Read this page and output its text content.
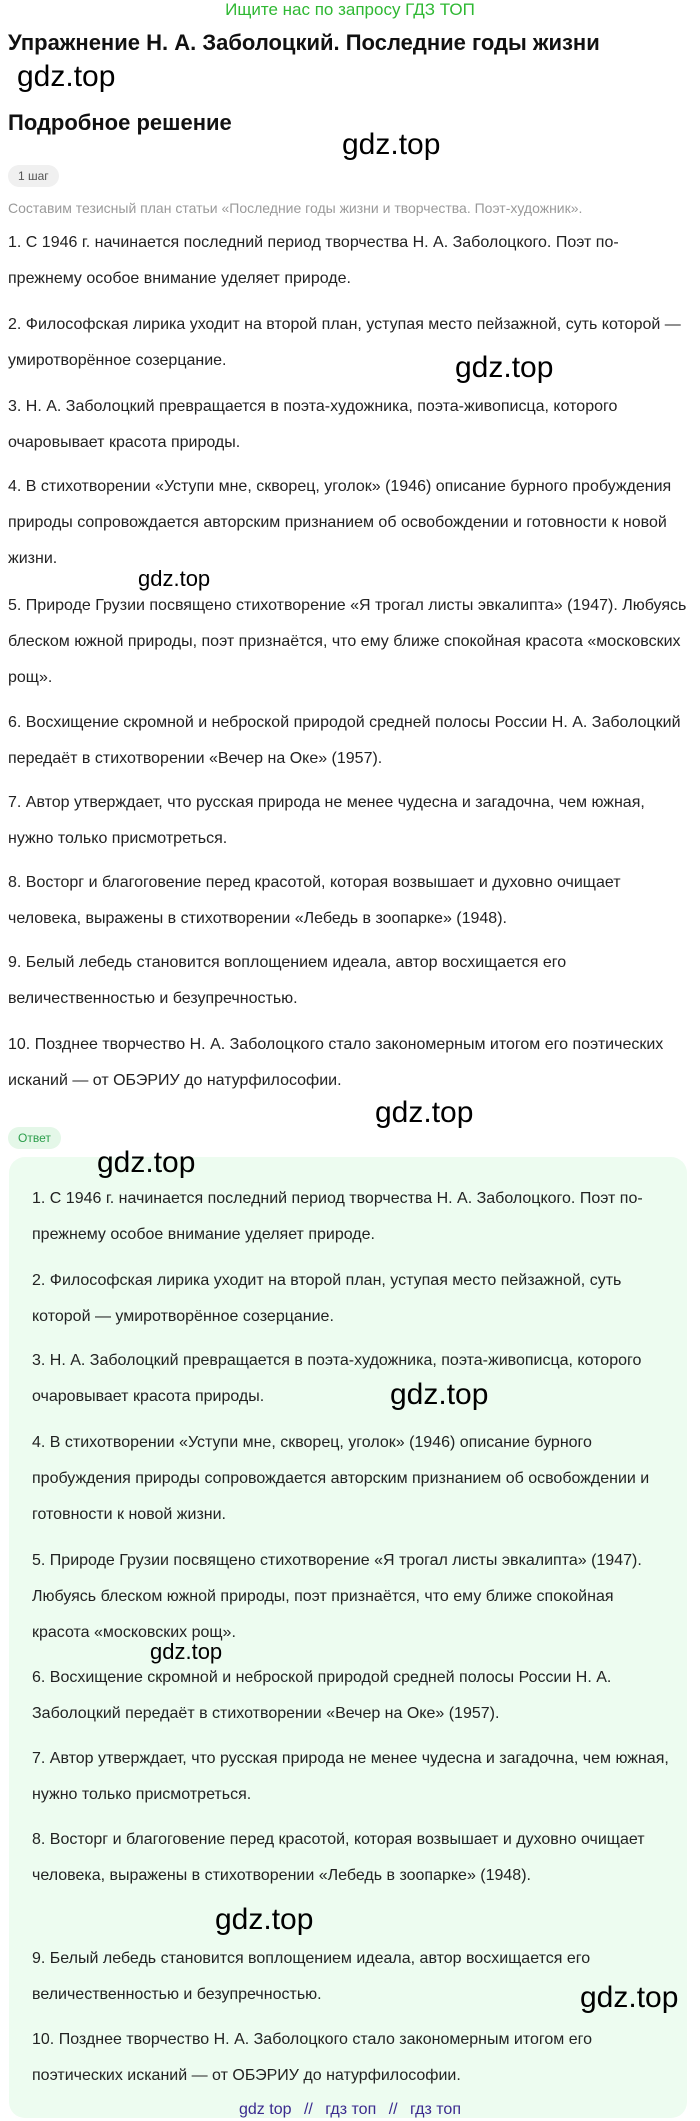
Ищите нас по запросу ГДЗ ТОП
Упражнение Н. А. Заболоцкий. Последние годы жизни
gdz.top
Подробное решение
gdz.top
1 шаг
Составим тезисный план статьи «Последние годы жизни и творчества. Поэт-художник».
1. С 1946 г. начинается последний период творчества Н. А. Заболоцкого. Поэт по-прежнему особое внимание уделяет природе.
2. Философская лирика уходит на второй план, уступая место пейзажной, суть которой — умиротворённое созерцание.	gdz.top
3. Н. А. Заболоцкий превращается в поэта-художника, поэта-живописца, которого очаровывает красота природы.
4. В стихотворении «Уступи мне, скворец, уголок» (1946) описание бурного пробуждения природы сопровождается авторским признанием об освобождении и готовности к новой жизни.
gdz.top
5. Природе Грузии посвящено стихотворение «Я трогал листы эвкалипта» (1947). Любуясь блеском южной природы, поэт признаётся, что ему ближе спокойная красота «московских рощ».
6. Восхищение скромной и неброской природой средней полосы России Н. А. Заболоцкий передаёт в стихотворении «Вечер на Оке» (1957).
7. Автор утверждает, что русская природа не менее чудесна и загадочна, чем южная, нужно только присмотреться.
8. Восторг и благоговение перед красотой, которая возвышает и духовно очищает человека, выражены в стихотворении «Лебедь в зоопарке» (1948).
9. Белый лебедь становится воплощением идеала, автор восхищается его величественностью и безупречностью.
10. Позднее творчество Н. А. Заболоцкого стало закономерным итогом его поэтических исканий — от ОБЭРИУ до натурфилософии.
gdz.top
Ответ
gdz.top
1. С 1946 г. начинается последний период творчества Н. А. Заболоцкого. Поэт по-прежнему особое внимание уделяет природе.
2. Философская лирика уходит на второй план, уступая место пейзажной, суть которой — умиротворённое созерцание.
3. Н. А. Заболоцкий превращается в поэта-художника, поэта-живописца, которого очаровывает красота природы.	gdz.top
4. В стихотворении «Уступи мне, скворец, уголок» (1946) описание бурного пробуждения природы сопровождается авторским признанием об освобождении и готовности к новой жизни.
5. Природе Грузии посвящено стихотворение «Я трогал листы эвкалипта» (1947). Любуясь блеском южной природы, поэт признаётся, что ему ближе спокойная красота «московских рощ».
gdz.top
6. Восхищение скромной и неброской природой средней полосы России Н. А. Заболоцкий передаёт в стихотворении «Вечер на Оке» (1957).
7. Автор утверждает, что русская природа не менее чудесна и загадочна, чем южная, нужно только присмотреться.
8. Восторг и благоговение перед красотой, которая возвышает и духовно очищает человека, выражены в стихотворении «Лебедь в зоопарке» (1948).
gdz.top
9. Белый лебедь становится воплощением идеала, автор восхищается его величественностью и безупречностью.	gdz.top
10. Позднее творчество Н. А. Заболоцкого стало закономерным итогом его поэтических исканий — от ОБЭРИУ до натурфилософии.
gdz top // гдз топ // гдз топ
